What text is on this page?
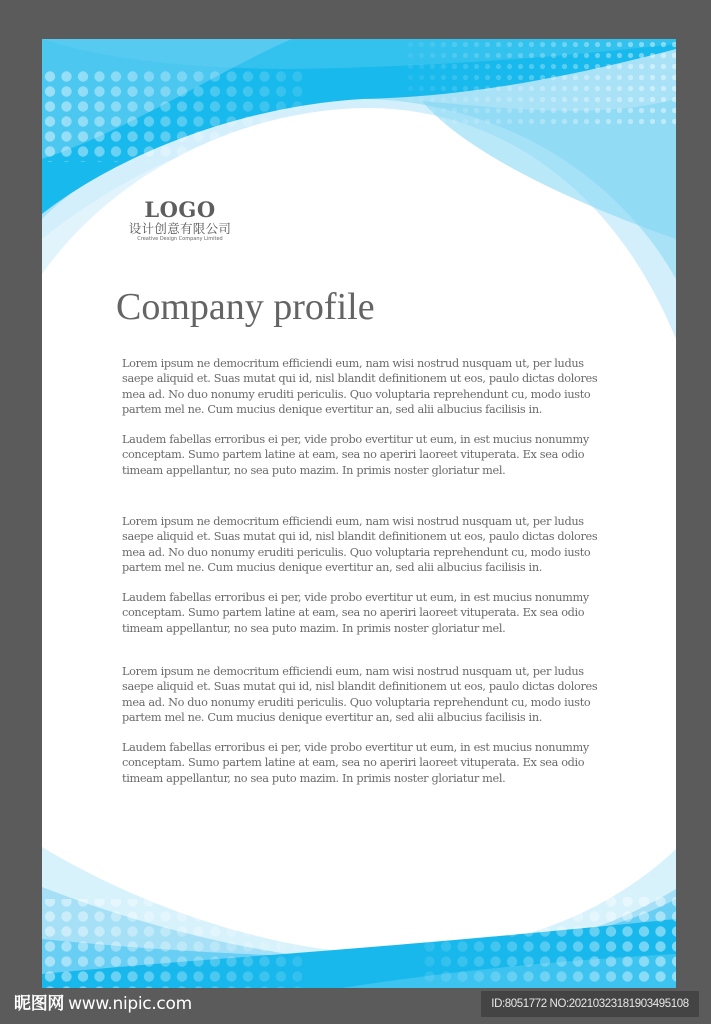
LOGO
设计创意有限公司
Creative Design Company Limited
Company profile

Lorem ipsum ne democritum efficiendi eum, nam wisi nostrud nusquam ut, per ludus saepe aliquid et. Suas mutat qui id, nisl blandit definitionem ut eos, paulo dictas dolores mea ad. No duo nonumy eruditi periculis. Quo voluptaria reprehendunt cu, modo iusto partem mel ne. Cum mucius denique evertitur an, sed alii albucius facilisis in.

Laudem fabellas erroribus ei per, vide probo evertitur ut eum, in est mucius nonummy conceptam. Sumo partem latine at eam, sea no aperiri laoreet vituperata. Ex sea odio timeam appellantur, no sea puto mazim. In primis noster gloriatur mel.

Lorem ipsum ne democritum efficiendi eum, nam wisi nostrud nusquam ut, per ludus saepe aliquid et. Suas mutat qui id, nisl blandit definitionem ut eos, paulo dictas dolores mea ad. No duo nonumy eruditi periculis. Quo voluptaria reprehendunt cu, modo iusto partem mel ne. Cum mucius denique evertitur an, sed alii albucius facilisis in.

Laudem fabellas erroribus ei per, vide probo evertitur ut eum, in est mucius nonummy conceptam. Sumo partem latine at eam, sea no aperiri laoreet vituperata. Ex sea odio timeam appellantur, no sea puto mazim. In primis noster gloriatur mel.

Lorem ipsum ne democritum efficiendi eum, nam wisi nostrud nusquam ut, per ludus saepe aliquid et. Suas mutat qui id, nisl blandit definitionem ut eos, paulo dictas dolores mea ad. No duo nonumy eruditi periculis. Quo voluptaria reprehendunt cu, modo iusto partem mel ne. Cum mucius denique evertitur an, sed alii albucius facilisis in.

Laudem fabellas erroribus ei per, vide probo evertitur ut eum, in est mucius nonummy conceptam. Sumo partem latine at eam, sea no aperiri laoreet vituperata. Ex sea odio timeam appellantur, no sea puto mazim. In primis noster gloriatur mel.

昵图网 www.nipic.com	ID:8051772 NO:20210323181903495108
